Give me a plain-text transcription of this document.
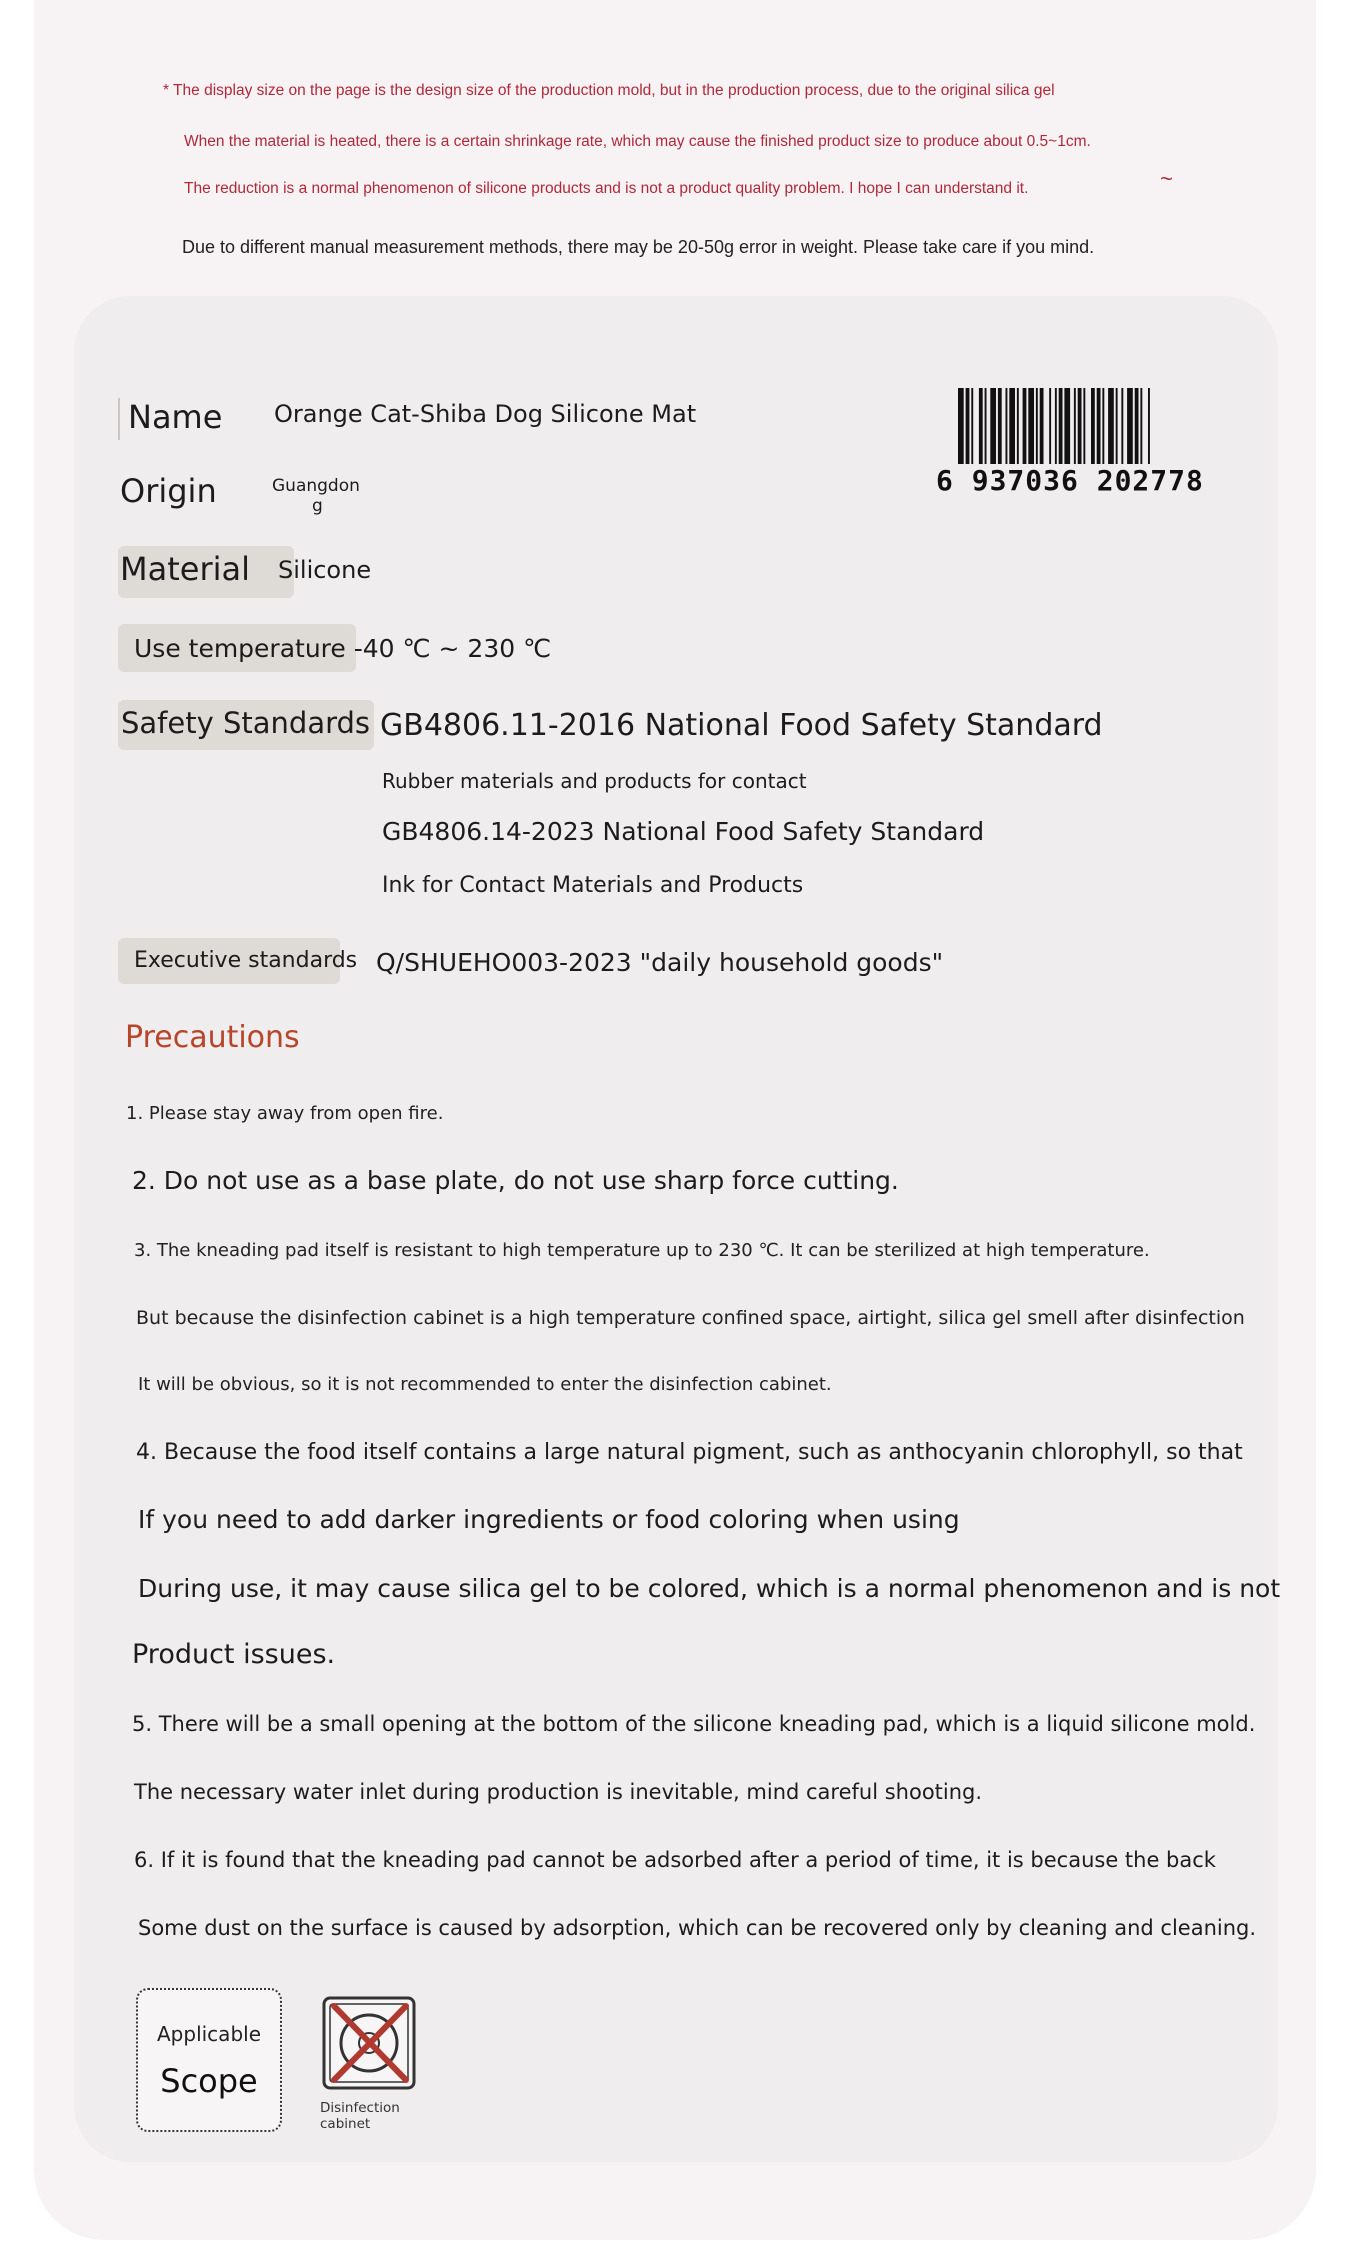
* The display size on the page is the design size of the production mold, but in the production process, due to the original silica gel
When the material is heated, there is a certain shrinkage rate, which may cause the finished product size to produce about 0.5~1cm.
The reduction is a normal phenomenon of silicone products and is not a product quality problem. I hope I can understand it.	~
Due to different manual measurement methods, there may be 20-50g error in weight. Please take care if you mind.
Name Orange Cat-Shiba Dog Silicone Mat
Origin	Guangdon
g
6 937036 202778
Material Silicone
Use temperature -40 ℃ ~ 230 ℃
Safety Standards GB4806.11-2016 National Food Safety Standard
Rubber materials and products for contact
GB4806.14-2023 National Food Safety Standard
Ink for Contact Materials and Products
Executive standards Q/SHUEHO003-2023 "daily household goods"
Precautions
1. Please stay away from open fire.
2. Do not use as a base plate, do not use sharp force cutting.
3. The kneading pad itself is resistant to high temperature up to 230 ℃. It can be sterilized at high temperature.
But because the disinfection cabinet is a high temperature confined space, airtight, silica gel smell after disinfection
It will be obvious, so it is not recommended to enter the disinfection cabinet.
4. Because the food itself contains a large natural pigment, such as anthocyanin chlorophyll, so that
If you need to add darker ingredients or food coloring when using
During use, it may cause silica gel to be colored, which is a normal phenomenon and is not
Product issues.
5. There will be a small opening at the bottom of the silicone kneading pad, which is a liquid silicone mold.
The necessary water inlet during production is inevitable, mind careful shooting.
6. If it is found that the kneading pad cannot be adsorbed after a period of time, it is because the back
Some dust on the surface is caused by adsorption, which can be recovered only by cleaning and cleaning.
Applicable
Scope
Disinfection
cabinet
